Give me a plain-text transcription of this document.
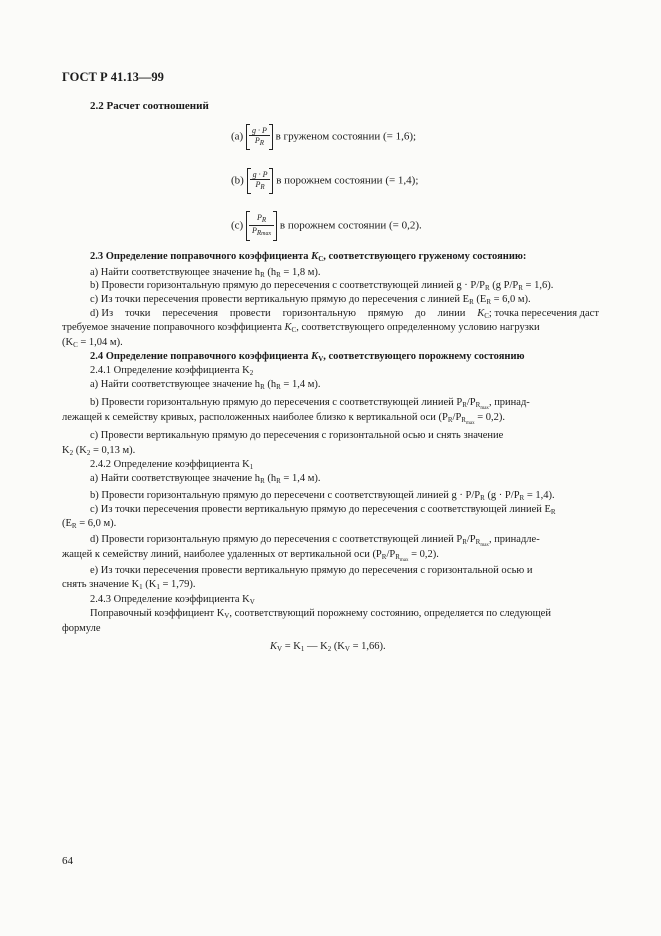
ГОСТ Р 41.13—99
2.2 Расчет соотношений
$(a) \frac{g \cdot P}{P_R}$ в груженом состоянии (= 1,6);
$(b) \frac{g \cdot P}{P_R}$ в порожнем состоянии (= 1,4);
$(c) \frac{P_R}{P_{Rmax}}$ в порожнем состоянии (= 0,2).
2.3 Определение поправочного коэффициента $K_C$, соответствующего груженому состоянию:
а) Найти соответствующее значение $h_R$ ($h_R = 1,8$ м).
b) Провести горизонтальную прямую до пересечения с соответствующей линией $g \cdot P/P_R$ (g $P/P_R = 1,6$).
c) Из точки пересечения провести вертикальную прямую до пересечения с линией $E_R$ ($E_R = 6,0$ м).
d) Из точки пересечения провести горизонтальную прямую до линии $K_C$; точка пересечения даст
требуемое значение поправочного коэффициента $K_C$, соответствующего определенному условию нагрузки
($K_C = 1,04$ м).
2.4 Определение поправочного коэффициента $K_V$, соответствующего порожнему состоянию
2.4.1 Определение коэффициента $K_2$
а) Найти соответствующее значение $h_R$ ($h_R = 1,4$ м).
b) Провести горизонтальную прямую до пересечения с соответствующей линией $P_R/P_{R_{max}}$, принад-
лежащей к семейству кривых, расположенных наиболее близко к вертикальной оси $(P_R/P_{R_{max}} = 0,2)$.
c) Провести вертикальную прямую до пересечения с горизонтальной осью и снять значение
$K_2$ ($K_2 = 0,13$ м).
2.4.2 Определение коэффициента $K_1$
а) Найти соответствующее значение $h_R$ ($h_R = 1,4$ м).
b) Провести горизонтальную прямую до пересечени с соответствующей линией $g \cdot P/P_R$ $(g \cdot P/P_R = 1,4)$.
c) Из точки пересечения провести вертикальную прямую до пересечения с соответствующей линией $E_R$
($E_R = 6,0$ м).
d) Провести горизонтальную прямую до пересечения с соответствующей линией $P_R/P_{R_{max}}$, принадле-
жащей к семейству линий, наиболее удаленных от вертикальной оси $(P_R/P_{R_{max}} = 0,2)$.
e) Из точки пересечения провести вертикальную прямую до пересечения с горизонтальной осью и
снять значение $K_1$ $(K_1 = 1,79)$.
2.4.3 Определение коэффициента $K_V$
Поправочный коэффициент $K_V$, соответствующий порожнему состоянию, определяется по следующей
формуле
$K_V = K_1$ — $K_2$ $(K_V = 1,66)$.
64
